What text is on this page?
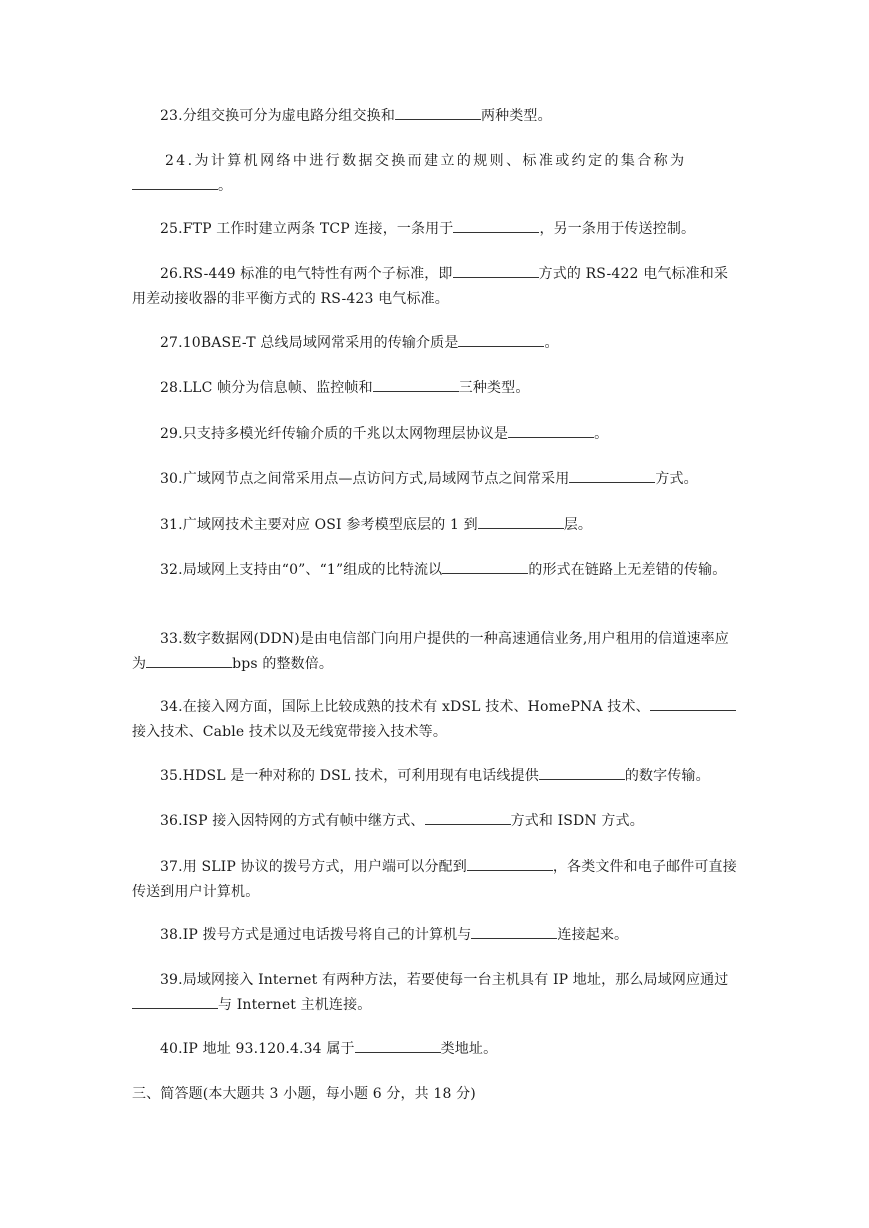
23.分组交换可分为虚电路分组交换和	两种类型。

24.为计算机网络中进行数据交换而建立的规则、标准或约定的集合称为
。

25.FTP 工作时建立两条 TCP 连接，一条用于	，另一条用于传送控制。

26.RS-449 标准的电气特性有两个子标准，即	方式的 RS-422 电气标准和采用差动接收器的非平衡方式的 RS-423 电气标准。

27.10BASE-T 总线局域网常采用的传输介质是	。

28.LLC 帧分为信息帧、监控帧和	三种类型。

29.只支持多模光纤传输介质的千兆以太网物理层协议是	。

30.广域网节点之间常采用点—点访问方式,局域网节点之间常采用	方式。

31.广域网技术主要对应 OSI 参考模型底层的 1 到	层。

32.局域网上支持由“0”、“1”组成的比特流以	的形式在链路上无差错的传输。

33.数字数据网(DDN)是由电信部门向用户提供的一种高速通信业务,用户租用的信道速率应为	bps 的整数倍。

34.在接入网方面，国际上比较成熟的技术有 xDSL 技术、HomePNA 技术、接入技术、Cable 技术以及无线宽带接入技术等。

35.HDSL 是一种对称的 DSL 技术，可利用现有电话线提供	的数字传输。

36.ISP 接入因特网的方式有帧中继方式、	方式和 ISDN 方式。

37.用 SLIP 协议的拨号方式，用户端可以分配到	，各类文件和电子邮件可直接传送到用户计算机。

38.IP 拨号方式是通过电话拨号将自己的计算机与	连接起来。

39.局域网接入 Internet 有两种方法，若要使每一台主机具有 IP 地址，那么局域网应通过与 Internet 主机连接。

40.IP 地址 93.120.4.34 属于	类地址。

三、简答题(本大题共 3 小题，每小题 6 分，共 18 分)
